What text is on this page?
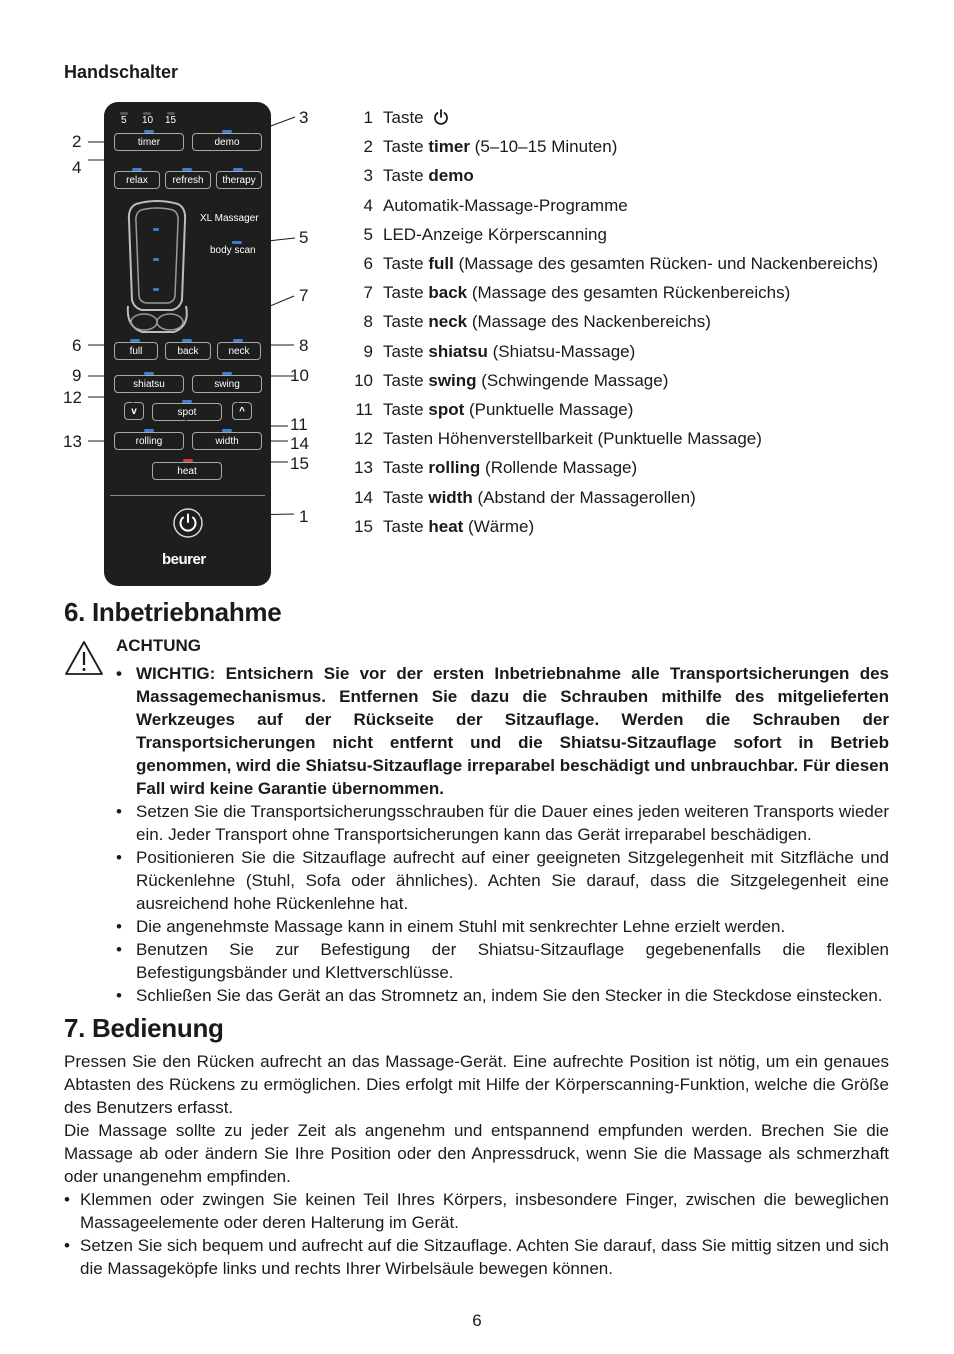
Handschalter
5 10 15
timer	demo
relax	refresh	therapy
XL Massager
body scan
full	back	neck
shiatsu	swing
v	spot	^
rolling	width
heat
beurer
2
4
6
9
12
13
3
5
7
8
10
11
14
15
1
1 Taste
2 Taste timer (5–10–15 Minuten)
3 Taste demo
4 Automatik-Massage-Programme
5 LED-Anzeige Körperscanning
6 Taste full (Massage des gesamten Rücken- und Nackenbereichs)
7 Taste back (Massage des gesamten Rückenbereichs)
8 Taste neck (Massage des Nackenbereichs)
9 Taste shiatsu (Shiatsu-Massage)
10 Taste swing (Schwingende Massage)
11 Taste spot (Punktuelle Massage)
12 Tasten Höhenverstellbarkeit (Punktuelle Massage)
13 Taste rolling (Rollende Massage)
14 Taste width (Abstand der Massagerollen)
15 Taste heat (Wärme)
6. Inbetriebnahme
ACHTUNG
• WICHTIG: Entsichern Sie vor der ersten Inbetriebnahme alle Transportsicherungen des Massagemechanismus. Entfernen Sie dazu die Schrauben mithilfe des mitgelieferten Werkzeuges auf der Rückseite der Sitzauflage. Werden die Schrauben der Transportsicherungen nicht entfernt und die Shiatsu-Sitzauflage sofort in Betrieb genommen, wird die Shiatsu-Sitzauflage irreparabel beschädigt und unbrauchbar. Für diesen Fall wird keine Garantie übernommen.
• Setzen Sie die Transportsicherungsschrauben für die Dauer eines jeden weiteren Transports wieder ein. Jeder Transport ohne Transportsicherungen kann das Gerät irreparabel beschädigen.
• Positionieren Sie die Sitzauflage aufrecht auf einer geeigneten Sitzgelegenheit mit Sitzfläche und Rückenlehne (Stuhl, Sofa oder ähnliches). Achten Sie darauf, dass die Sitzgelegenheit eine ausreichend hohe Rückenlehne hat.
• Die angenehmste Massage kann in einem Stuhl mit senkrechter Lehne erzielt werden.
• Benutzen Sie zur Befestigung der Shiatsu-Sitzauflage gegebenenfalls die flexiblen Befestigungsbänder und Klettverschlüsse.
• Schließen Sie das Gerät an das Stromnetz an, indem Sie den Stecker in die Steckdose einstecken.
7. Bedienung
Pressen Sie den Rücken aufrecht an das Massage-Gerät. Eine aufrechte Position ist nötig, um ein genaues Abtasten des Rückens zu ermöglichen. Dies erfolgt mit Hilfe der Körperscanning-Funktion, welche die Größe des Benutzers erfasst.
Die Massage sollte zu jeder Zeit als angenehm und entspannend empfunden werden. Brechen Sie die Massage ab oder ändern Sie Ihre Position oder den Anpressdruck, wenn Sie die Massage als schmerzhaft oder unangenehm empfinden.
• Klemmen oder zwingen Sie keinen Teil Ihres Körpers, insbesondere Finger, zwischen die beweglichen Massageelemente oder deren Halterung im Gerät.
• Setzen Sie sich bequem und aufrecht auf die Sitzauflage. Achten Sie darauf, dass Sie mittig sitzen und sich die Massageköpfe links und rechts Ihrer Wirbelsäule bewegen können.
6
